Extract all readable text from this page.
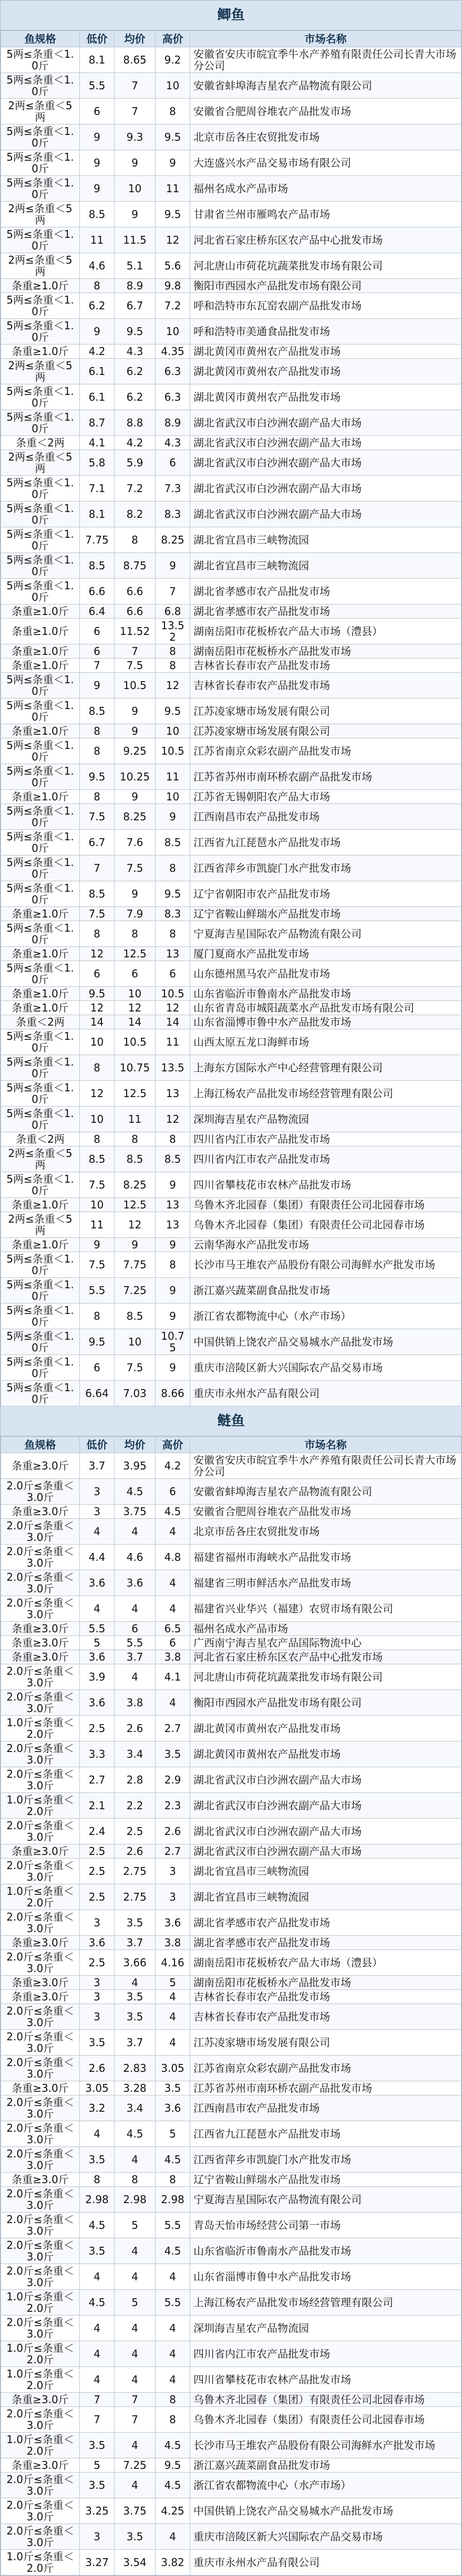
鲫鱼
鱼规格	低价	均价	高价	市场名称
5两≤条重＜1.0斤	8.1	8.65	9.2	安徽省安庆市皖宜季牛水产养殖有限责任公司长青大市场分公司
5两≤条重＜1.0斤	5.5	7	10	安徽省蚌埠海吉星农产品物流有限公司
2两≤条重＜5两	6	7	8	安徽省合肥周谷堆农产品批发市场
5两≤条重＜1.0斤	9	9.3	9.5	北京市岳各庄农贸批发市场
5两≤条重＜1.0斤	9	9	9	大连盛兴水产品交易市场有限公司
5两≤条重＜1.0斤	9	10	11	福州名成水产品市场
2两≤条重＜5两	8.5	9	9.5	甘肃省兰州市雁鸣农产品市场
5两≤条重＜1.0斤	11	11.5	12	河北省石家庄桥东区农产品中心批发市场
2两≤条重＜5两	4.6	5.1	5.6	河北唐山市荷花坑蔬菜批发市场有限公司
条重≥1.0斤	8	8.9	9.8	衡阳市西园水产品批发市场有限公司
5两≤条重＜1.0斤	6.2	6.7	7.2	呼和浩特市东瓦窑农副产品批发市场
5两≤条重＜1.0斤	9	9.5	10	呼和浩特市美通食品批发市场
条重≥1.0斤	4.2	4.3	4.35	湖北黄冈市黄州农产品批发市场
2两≤条重＜5两	6.1	6.2	6.3	湖北黄冈市黄州农产品批发市场
5两≤条重＜1.0斤	6.1	6.2	6.3	湖北黄冈市黄州农产品批发市场
5两≤条重＜1.0斤	8.7	8.8	8.9	湖北省武汉市白沙洲农副产品大市场
条重＜2两	4.1	4.2	4.3	湖北省武汉市白沙洲农副产品大市场
2两≤条重＜5两	5.8	5.9	6	湖北省武汉市白沙洲农副产品大市场
5两≤条重＜1.0斤	7.1	7.2	7.3	湖北省武汉市白沙洲农副产品大市场
5两≤条重＜1.0斤	8.1	8.2	8.3	湖北省武汉市白沙洲农副产品大市场
5两≤条重＜1.0斤	7.75	8	8.25	湖北省宜昌市三峡物流园
5两≤条重＜1.0斤	8.5	8.75	9	湖北省宜昌市三峡物流园
5两≤条重＜1.0斤	6.6	6.6	7	湖北省孝感市农产品批发市场
条重≥1.0斤	6.4	6.6	6.8	湖北省孝感市农产品批发市场
条重≥1.0斤	6	11.52	13.52	湖南岳阳市花板桥农产品大市场（澧县）
条重≥1.0斤	6	7	8	湖南岳阳市花板桥水产品批发市场
条重≥1.0斤	7	7.5	8	吉林省长春市农产品批发市场
5两≤条重＜1.0斤	9	10.5	12	吉林省长春市农产品批发市场
5两≤条重＜1.0斤	8.5	9	9.5	江苏凌家塘市场发展有限公司
条重≥1.0斤	8	9	10	江苏凌家塘市场发展有限公司
5两≤条重＜1.0斤	8	9.25	10.5	江苏省南京众彩农副产品批发市场
5两≤条重＜1.0斤	9.5	10.25	11	江苏省苏州市南环桥农副产品批发市场
条重≥1.0斤	8	9	10	江苏省无锡朝阳农产品大市场
5两≤条重＜1.0斤	7.5	8.25	9	江西南昌市农产品批发市场
5两≤条重＜1.0斤	6.7	7.6	8.5	江西省九江琵琶水产品批发市场
5两≤条重＜1.0斤	7	7.5	8	江西省萍乡市凯旋门水产批发市场
5两≤条重＜1.0斤	8.5	9	9.5	辽宁省朝阳市农产品批发市场
条重≥1.0斤	7.5	7.9	8.3	辽宁省鞍山鲜瑞水产品批发市场
5两≤条重＜1.0斤	8	8	8	宁夏海吉星国际农产品物流有限公司
条重≥1.0斤	12	12.5	13	厦门夏商水产品批发市场
5两≤条重＜1.0斤	6	6	6	山东德州黑马农产品批发市场
条重≥1.0斤	9.5	10	10.5	山东省临沂市鲁南水产品批发市场
条重≥1.0斤	12	12	12	山东省青岛市城阳蔬菜水产品批发市场有限公司
条重＜2两	14	14	14	山东省淄博市鲁中水产品批发市场
5两≤条重＜1.0斤	10	10.5	11	山西太原五龙口海鲜市场
5两≤条重＜1.0斤	8	10.75	13.5	上海东方国际水产中心经营管理有限公司
5两≤条重＜1.0斤	12	12.5	13	上海江杨农产品批发市场经营管理有限公司
5两≤条重＜1.0斤	10	11	12	深圳海吉星农产品物流园
条重＜2两	8	8	8	四川省内江市农产品批发市场
2两≤条重＜5两	8.5	8.5	8.5	四川省内江市农产品批发市场
5两≤条重＜1.0斤	7.5	8.25	9	四川省攀枝花市农林产品批发市场
条重≥1.0斤	10	12.5	13	乌鲁木齐北园春（集团）有限责任公司北园春市场
2两≤条重＜5两	11	12	13	乌鲁木齐北园春（集团）有限责任公司北园春市场
条重≥1.0斤	9	9	9	云南华海水产品批发市场
5两≤条重＜1.0斤	7.5	7.75	8	长沙市马王堆农产品股份有限公司海鲜水产批发市场
5两≤条重＜1.0斤	5.5	7.25	9	浙江嘉兴蔬菜副食品批发市场
5两≤条重＜1.0斤	8	8.5	9	浙江省农都物流中心（水产市场）
5两≤条重＜1.0斤	9.5	10	10.75	中国供销上饶农产品交易城水产品批发市场
5两≤条重＜1.0斤	6	7.5	9	重庆市涪陵区新大兴国际农产品交易市场
5两≤条重＜1.0斤	6.64	7.03	8.66	重庆市永州水产品有限公司
鲢鱼
鱼规格	低价	均价	高价	市场名称
条重≥3.0斤	3.7	3.95	4.2	安徽省安庆市皖宜季牛水产养殖有限责任公司长青大市场分公司
2.0斤≤条重＜3.0斤	3	4.5	6	安徽省蚌埠海吉星农产品物流有限公司
条重≥3.0斤	3	3.75	4.5	安徽省合肥周谷堆农产品批发市场
2.0斤≤条重＜3.0斤	4	4	4	北京市岳各庄农贸批发市场
2.0斤≤条重＜3.0斤	4.4	4.6	4.8	福建省福州市海峡水产品批发市场
2.0斤≤条重＜3.0斤	3.6	3.6	4	福建省三明市鲜活水产品批发市场
2.0斤≤条重＜3.0斤	4	4	4	福建省兴业华兴（福建）农贸市场有限公司
条重≥3.0斤	5.5	6	6.5	福州名成水产品市场
条重≥3.0斤	5	5.5	6	广西南宁海吉星农产品国际物流中心
条重≥3.0斤	3.6	3.7	3.8	河北省石家庄桥东区农产品中心批发市场
2.0斤≤条重＜3.0斤	3.9	4	4.1	河北唐山市荷花坑蔬菜批发市场有限公司
2.0斤≤条重＜3.0斤	3.6	3.8	4	衡阳市西园水产品批发市场有限公司
1.0斤≤条重＜2.0斤	2.5	2.6	2.7	湖北黄冈市黄州农产品批发市场
2.0斤≤条重＜3.0斤	3.3	3.4	3.5	湖北黄冈市黄州农产品批发市场
2.0斤≤条重＜3.0斤	2.7	2.8	2.9	湖北省武汉市白沙洲农副产品大市场
1.0斤≤条重＜2.0斤	2.1	2.2	2.3	湖北省武汉市白沙洲农副产品大市场
2.0斤≤条重＜3.0斤	2.4	2.5	2.6	湖北省武汉市白沙洲农副产品大市场
条重≥3.0斤	2.5	2.6	2.7	湖北省武汉市白沙洲农副产品大市场
2.0斤≤条重＜3.0斤	2.5	2.75	3	湖北省宜昌市三峡物流园
1.0斤≤条重＜2.0斤	2.5	2.75	3	湖北省宜昌市三峡物流园
2.0斤≤条重＜3.0斤	3	3.5	3.6	湖北省孝感市农产品批发市场
条重≥3.0斤	3.6	3.7	3.8	湖北省孝感市农产品批发市场
2.0斤≤条重＜3.0斤	2.5	3.66	4.16	湖南岳阳市花板桥农产品大市场（澧县）
条重≥3.0斤	3	4	5	湖南岳阳市花板桥水产品批发市场
条重≥3.0斤	3	3.5	4	吉林省长春市农产品批发市场
2.0斤≤条重＜3.0斤	3	3.5	4	吉林省长春市农产品批发市场
2.0斤≤条重＜3.0斤	3.5	3.7	4	江苏凌家塘市场发展有限公司
2.0斤≤条重＜3.0斤	2.6	2.83	3.05	江苏省南京众彩农副产品批发市场
条重≥3.0斤	3.05	3.28	3.5	江苏省苏州市南环桥农副产品批发市场
2.0斤≤条重＜3.0斤	3.2	3.4	3.6	江西南昌市农产品批发市场
2.0斤≤条重＜3.0斤	4	4.5	5	江西省九江琵琶水产品批发市场
2.0斤≤条重＜3.0斤	3.5	4	4.5	江西省萍乡市凯旋门水产批发市场
条重≥3.0斤	8	8	8	辽宁省鞍山鲜瑞水产品批发市场
2.0斤≤条重＜3.0斤	2.98	2.98	2.98	宁夏海吉星国际农产品物流有限公司
2.0斤≤条重＜3.0斤	4.5	5	5.5	青岛天怡市场经营公司第一市场
2.0斤≤条重＜3.0斤	3.5	4	4.5	山东省临沂市鲁南水产品批发市场
2.0斤≤条重＜3.0斤	4	4	4	山东省淄博市鲁中水产品批发市场
1.0斤≤条重＜2.0斤	4.5	5	5.5	上海江杨农产品批发市场经营管理有限公司
2.0斤≤条重＜3.0斤	4	4	4	深圳海吉星农产品物流园
1.0斤≤条重＜2.0斤	4	4	4	四川省内江市农产品批发市场
1.0斤≤条重＜2.0斤	4	4	4	四川省攀枝花市农林产品批发市场
条重≥3.0斤	7	7	8	乌鲁木齐北园春（集团）有限责任公司北园春市场
2.0斤≤条重＜3.0斤	7	7	8	乌鲁木齐北园春（集团）有限责任公司北园春市场
1.0斤≤条重＜2.0斤	3.5	4	4.5	长沙市马王堆农产品股份有限公司海鲜水产批发市场
条重≥3.0斤	5	7.25	9.5	浙江嘉兴蔬菜副食品批发市场
2.0斤≤条重＜3.0斤	3.5	4	4.5	浙江省农都物流中心（水产市场）
2.0斤≤条重＜3.0斤	3.25	3.75	4.25	中国供销上饶农产品交易城水产品批发市场
2.0斤≤条重＜3.0斤	3	3.5	4	重庆市涪陵区新大兴国际农产品交易市场
1.0斤≤条重＜2.0斤	3.27	3.54	3.82	重庆市永州水产品有限公司
